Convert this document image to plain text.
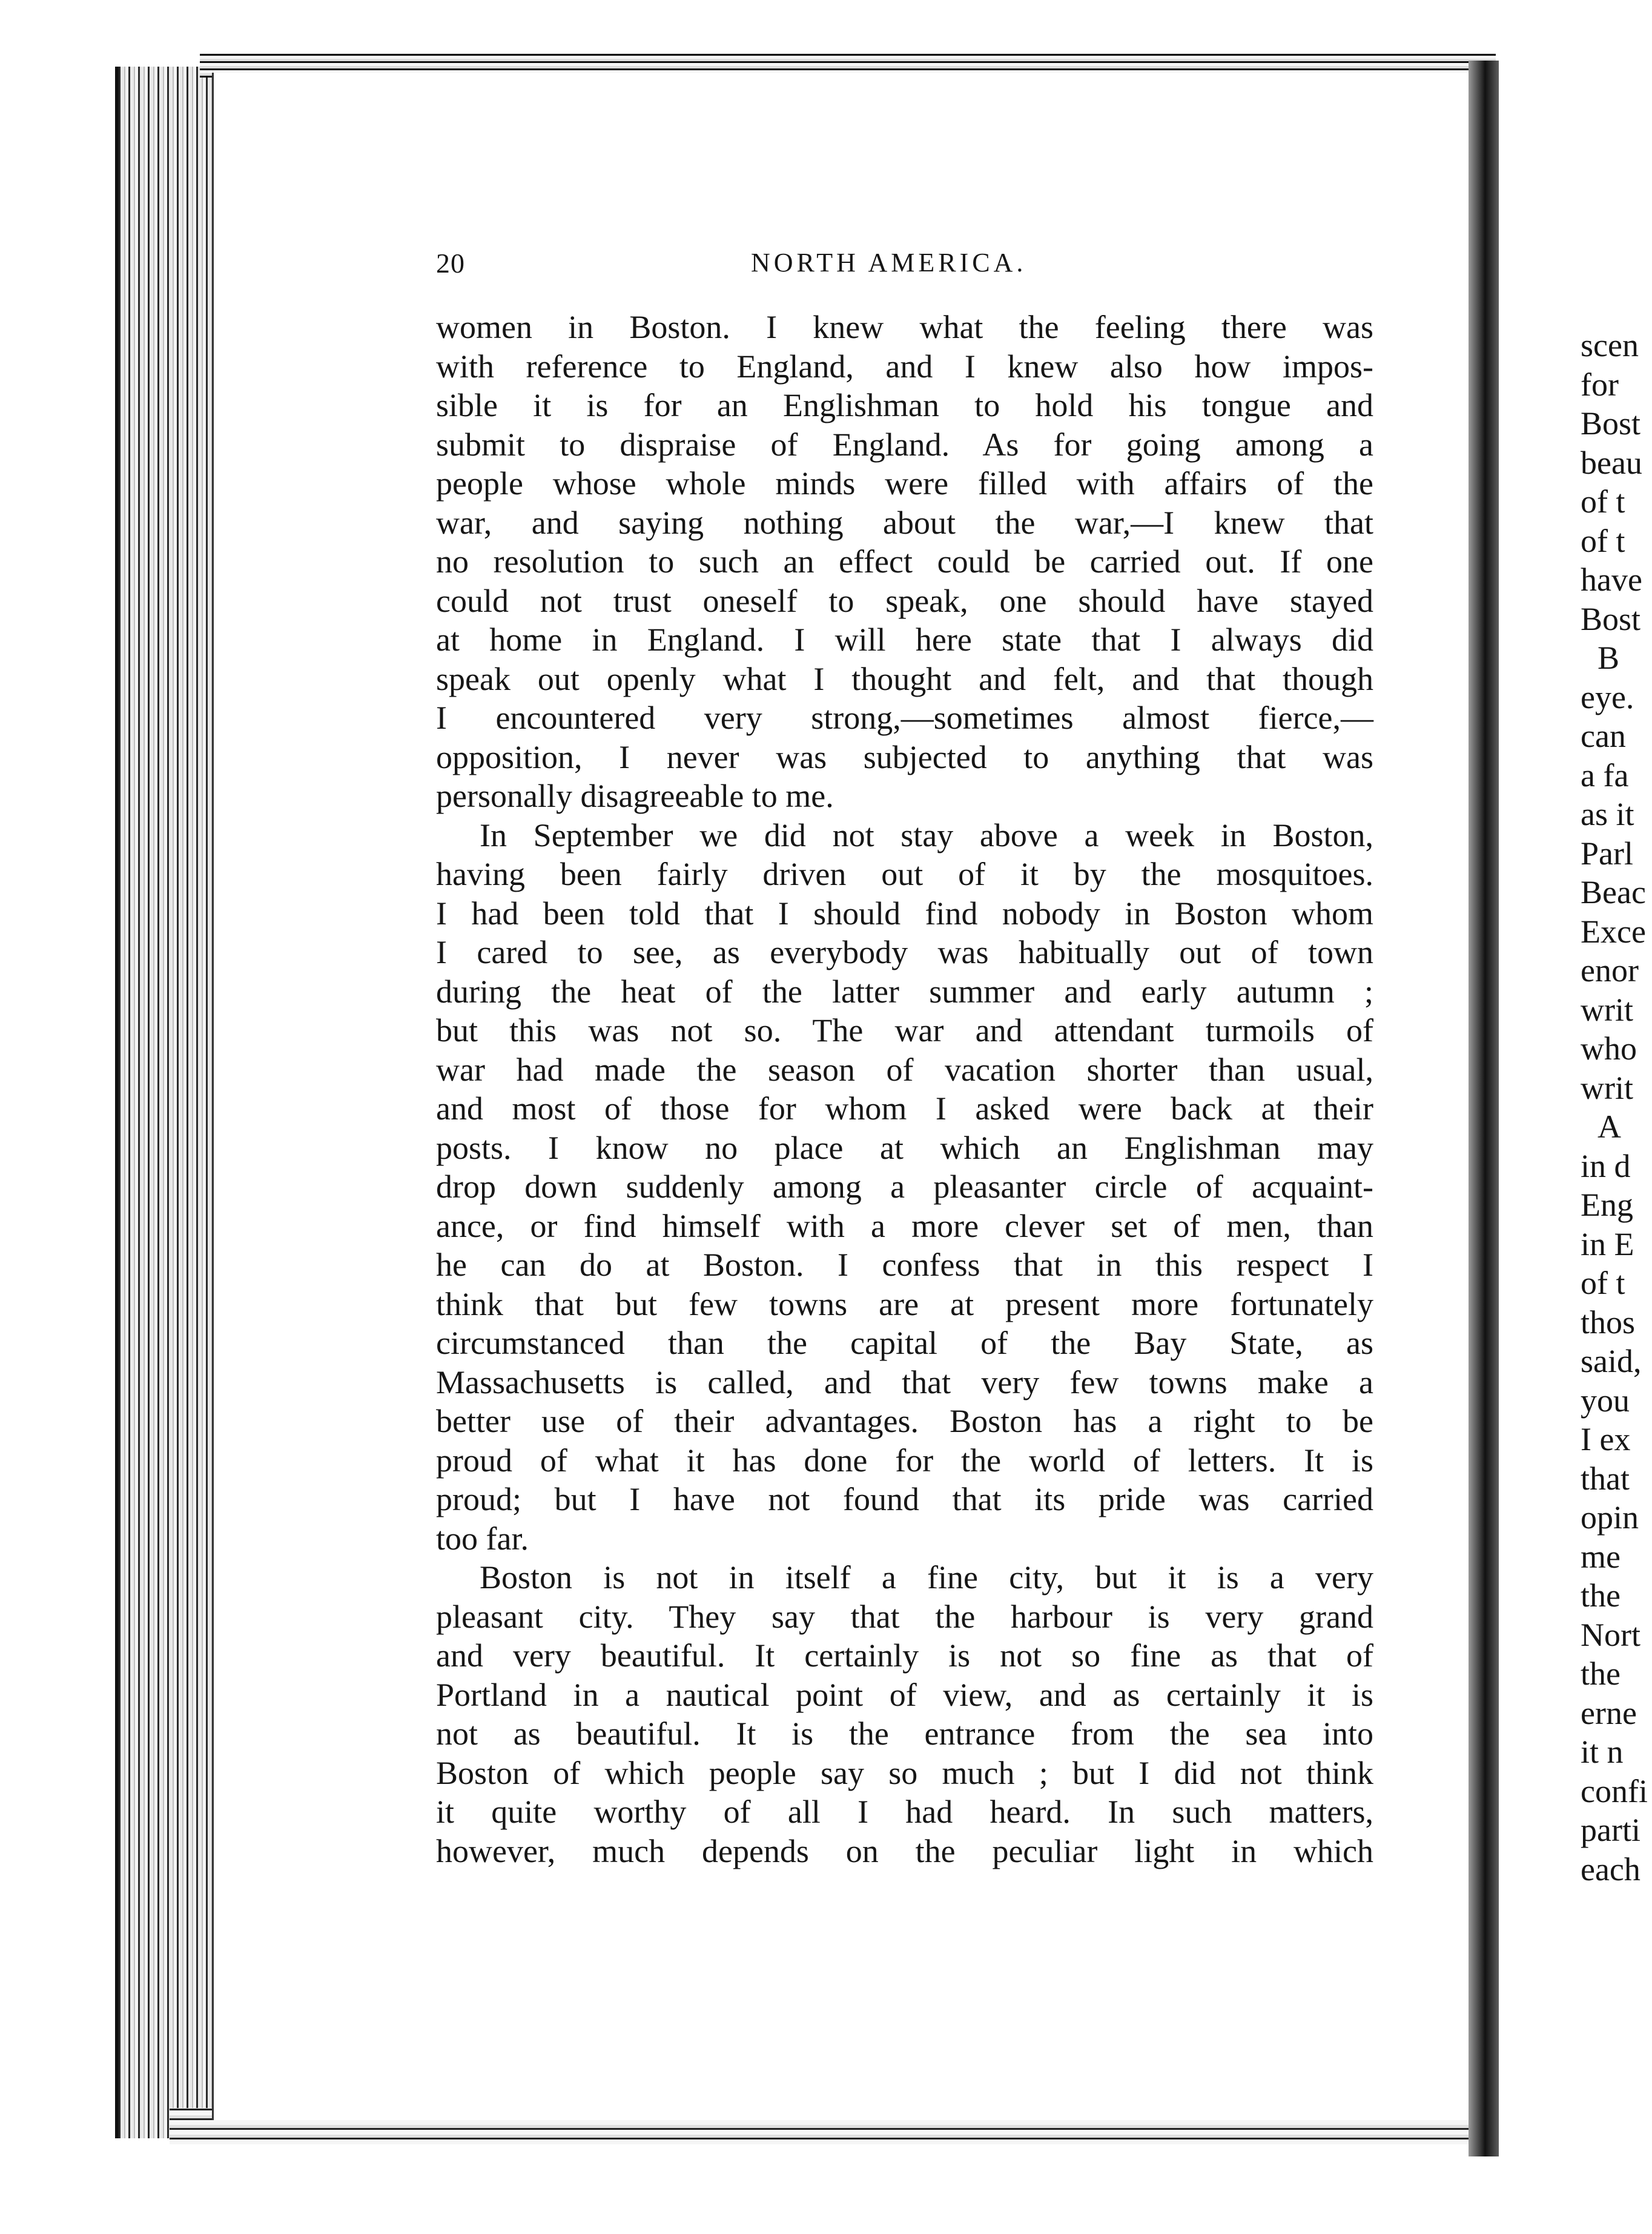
20	NORTH AMERICA.
women in Boston. I knew what the feeling there was
with reference to England, and I knew also how impos-
sible it is for an Englishman to hold his tongue and
submit to dispraise of England. As for going among a
people whose whole minds were filled with affairs of the
war, and saying nothing about the war,—I knew that
no resolution to such an effect could be carried out. If one
could not trust oneself to speak, one should have stayed
at home in England. I will here state that I always did
speak out openly what I thought and felt, and that though
I encountered very strong,—sometimes almost fierce,—
opposition, I never was subjected to anything that was
personally disagreeable to me.
In September we did not stay above a week in Boston,
having been fairly driven out of it by the mosquitoes.
I had been told that I should find nobody in Boston whom
I cared to see, as everybody was habitually out of town
during the heat of the latter summer and early autumn ;
but this was not so. The war and attendant turmoils of
war had made the season of vacation shorter than usual,
and most of those for whom I asked were back at their
posts. I know no place at which an Englishman may
drop down suddenly among a pleasanter circle of acquaint-
ance, or find himself with a more clever set of men, than
he can do at Boston. I confess that in this respect I
think that but few towns are at present more fortunately
circumstanced than the capital of the Bay State, as
Massachusetts is called, and that very few towns make a
better use of their advantages. Boston has a right to be
proud of what it has done for the world of letters. It is
proud; but I have not found that its pride was carried
too far.
Boston is not in itself a fine city, but it is a very
pleasant city. They say that the harbour is very grand
and very beautiful. It certainly is not so fine as that of
Portland in a nautical point of view, and as certainly it is
not as beautiful. It is the entrance from the sea into
Boston of which people say so much ; but I did not think
it quite worthy of all I had heard. In such matters,
however, much depends on the peculiar light in which
scen
for
Bost
beau
of t
of t
have
Bost
B
eye.
can
a fa
as it
Parl
Beac
Exce
enor
writ
who
writ
A
in d
Eng
in E
of t
thos
said,
you
I ex
that
opin
me
the
Nort
the
erne
it n
confi
parti
each
